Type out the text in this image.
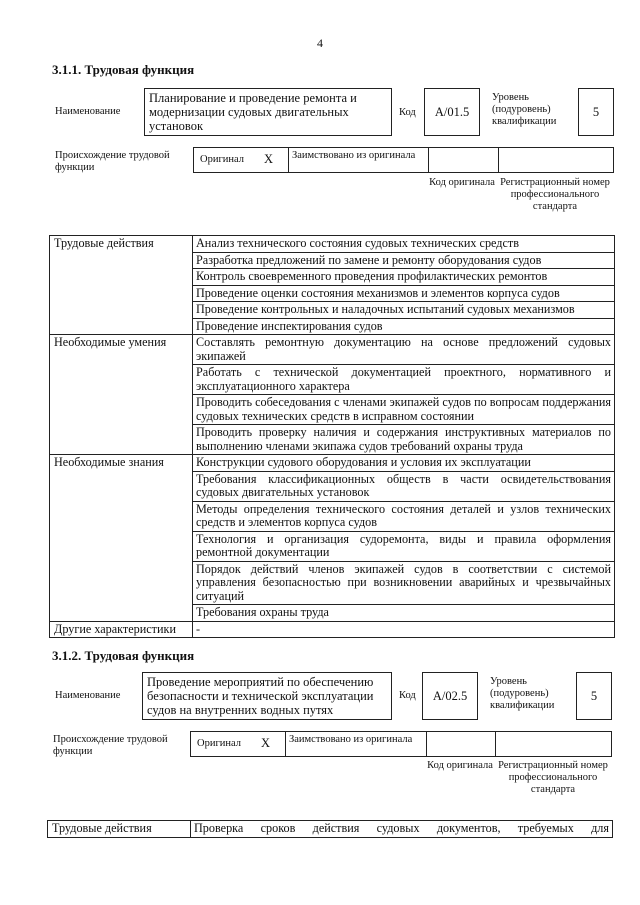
4
3.1.1. Трудовая функция
Наименование
Планирование и проведение ремонта и модернизации судовых двигательных установок
Код	A/01.5
Уровень (подуровень) квалификации
5
Происхождение трудовой функции
Оригинал X Заимствовано из оригинала
Код оригинала Регистрационный номер профессионального стандарта
Трудовые действия	Анализ технического состояния судовых технических средств
	Разработка предложений по замене и ремонту оборудования судов
	Контроль своевременного проведения профилактических ремонтов
	Проведение оценки состояния механизмов и элементов корпуса судов
	Проведение контрольных и наладочных испытаний судовых механизмов
	Проведение инспектирования судов
Необходимые умения	Составлять ремонтную документацию на основе предложений судовых экипажей
	Работать с технической документацией проектного, нормативного и эксплуатационного характера
	Проводить собеседования с членами экипажей судов по вопросам поддержания судовых технических средств в исправном состоянии
	Проводить проверку наличия и содержания инструктивных материалов по выполнению членами экипажа судов требований охраны труда
Необходимые знания	Конструкции судового оборудования и условия их эксплуатации
	Требования классификационных обществ в части освидетельствования судовых двигательных установок
	Методы определения технического состояния деталей и узлов технических средств и элементов корпуса судов
	Технология и организация судоремонта, виды и правила оформления ремонтной документации
	Порядок действий членов экипажей судов в соответствии с системой управления безопасностью при возникновении аварийных и чрезвычайных ситуаций
	Требования охраны труда
Другие характеристики	-
3.1.2. Трудовая функция
Наименование
Проведение мероприятий по обеспечению безопасности и технической эксплуатации судов на внутренних водных путях
Код	A/02.5
Уровень (подуровень) квалификации
5
Происхождение трудовой функции
Оригинал X Заимствовано из оригинала
Код оригинала Регистрационный номер профессионального стандарта
Трудовые действия	Проверка сроков действия судовых документов, требуемых для
